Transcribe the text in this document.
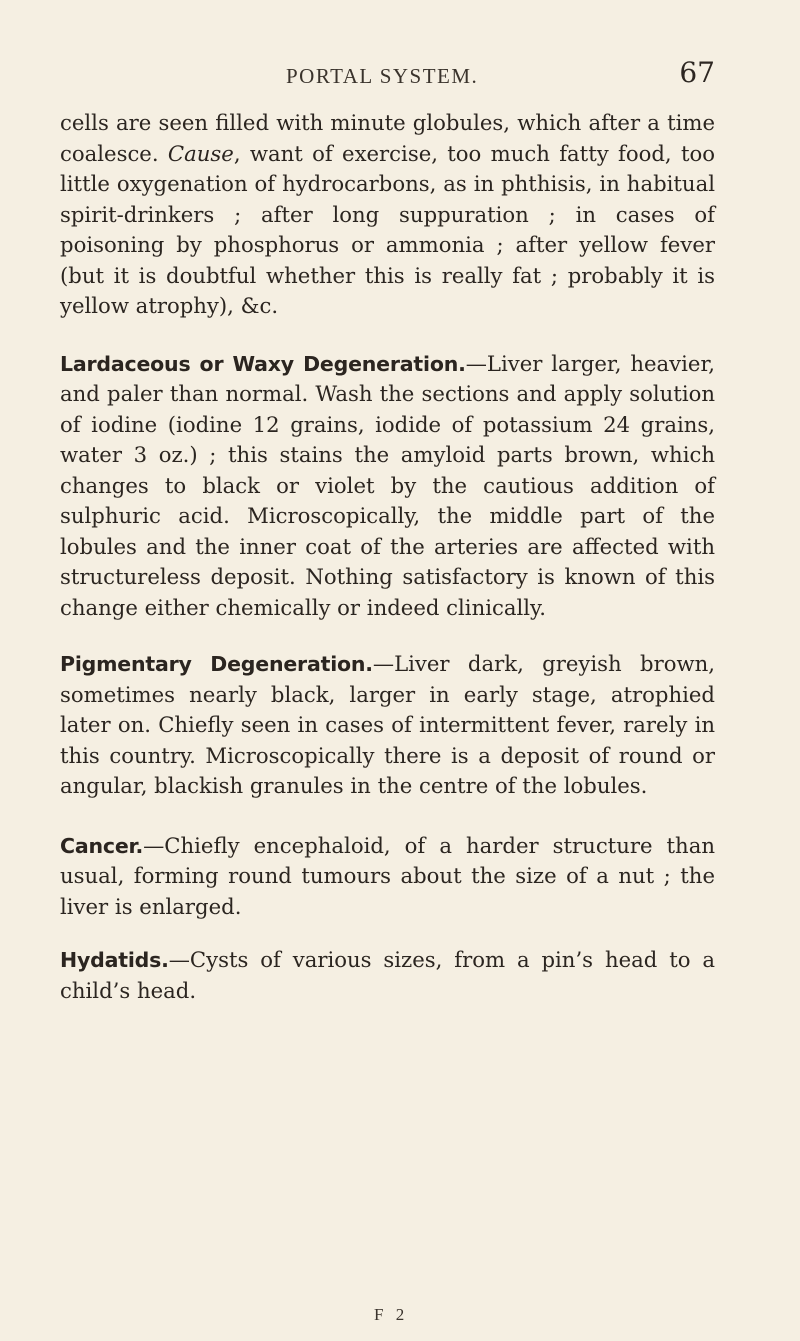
PORTAL SYSTEM.	67

cells are seen filled with minute globules, which after a time coalesce. Cause, want of exercise, too much fatty food, too little oxygenation of hydrocarbons, as in phthisis, in habitual spirit-drinkers ; after long suppuration ; in cases of poisoning by phosphorus or ammonia ; after yellow fever (but it is doubtful whether this is really fat ; probably it is yellow atrophy), &c.

Lardaceous or Waxy Degeneration.—Liver larger, heavier, and paler than normal. Wash the sections and apply solution of iodine (iodine 12 grains, iodide of potassium 24 grains, water 3 oz.) ; this stains the amyloid parts brown, which changes to black or violet by the cautious addition of sulphuric acid. Microscopically, the middle part of the lobules and the inner coat of the arteries are affected with structureless deposit. Nothing satisfactory is known of this change either chemically or indeed clinically.

Pigmentary Degeneration.—Liver dark, greyish brown, sometimes nearly black, larger in early stage, atrophied later on. Chiefly seen in cases of intermittent fever, rarely in this country. Microscopically there is a deposit of round or angular, blackish granules in the centre of the lobules.

Cancer.—Chiefly encephaloid, of a harder structure than usual, forming round tumours about the size of a nut ; the liver is enlarged.

Hydatids.—Cysts of various sizes, from a pin’s head to a child’s head.

F 2
